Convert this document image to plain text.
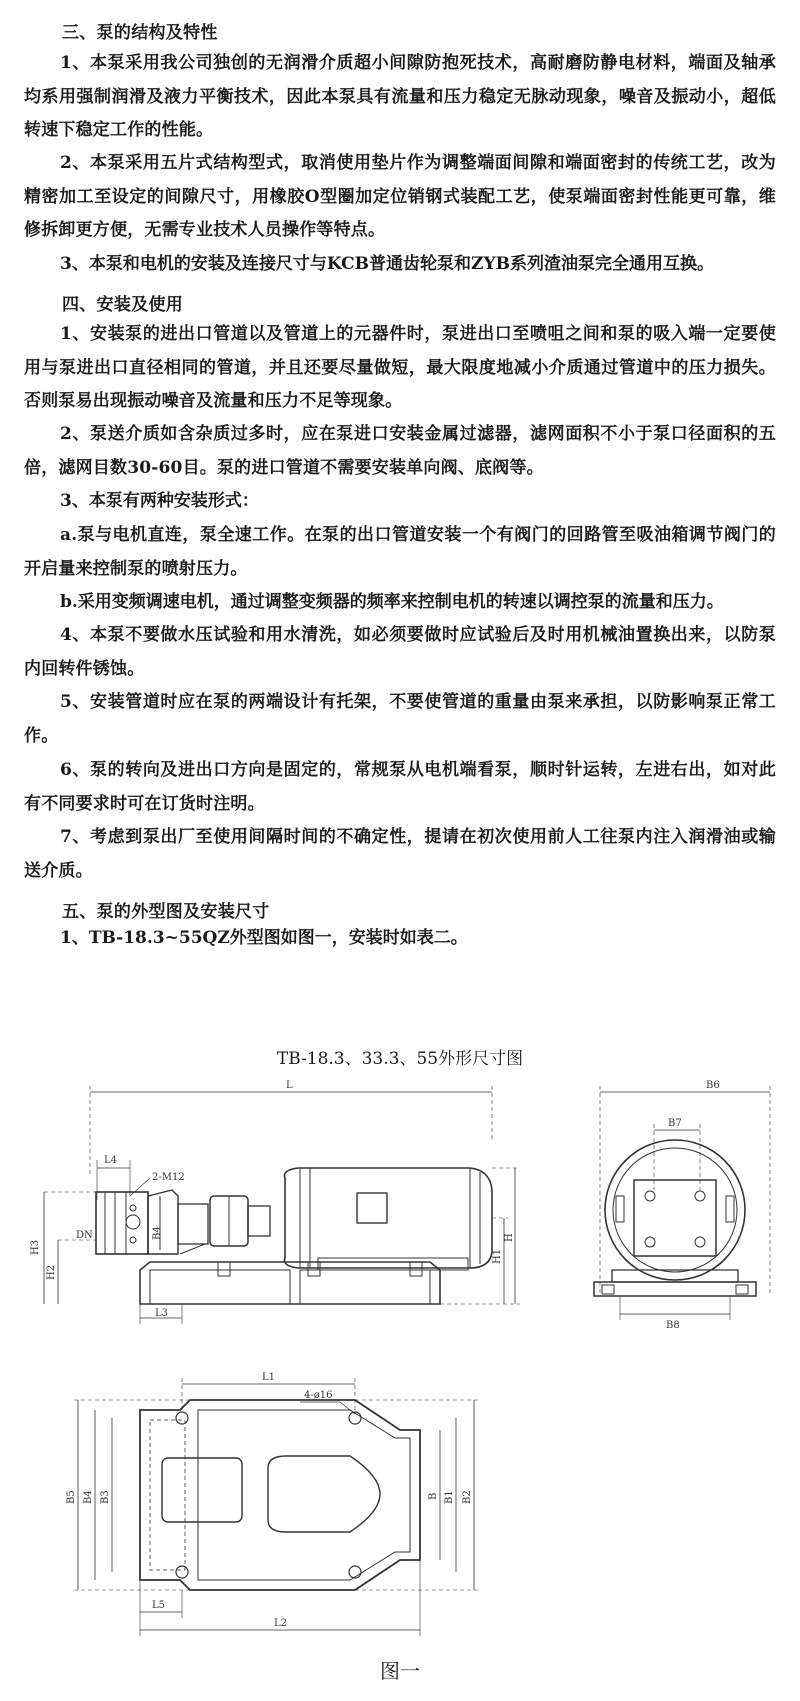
三、泵的结构及特性
1、本泵采用我公司独创的无润滑介质超小间隙防抱死技术，高耐磨防静电材料，端面及轴承均系用强制润滑及液力平衡技术，因此本泵具有流量和压力稳定无脉动现象，噪音及振动小，超低转速下稳定工作的性能。
2、本泵采用五片式结构型式，取消使用垫片作为调整端面间隙和端面密封的传统工艺，改为精密加工至设定的间隙尺寸，用橡胶O型圈加定位销钢式装配工艺，使泵端面密封性能更可靠，维修拆卸更方便，无需专业技术人员操作等特点。
3、本泵和电机的安装及连接尺寸与KCB普通齿轮泵和ZYB系列渣油泵完全通用互换。
四、安装及使用
1、安装泵的进出口管道以及管道上的元器件时，泵进出口至喷咀之间和泵的吸入端一定要使用与泵进出口直径相同的管道，并且还要尽量做短，最大限度地减小介质通过管道中的压力损失。否则泵易出现振动噪音及流量和压力不足等现象。
2、泵送介质如含杂质过多时，应在泵进口安装金属过滤器，滤网面积不小于泵口径面积的五倍，滤网目数30-60目。泵的进口管道不需要安装单向阀、底阀等。
3、本泵有两种安装形式：
a.泵与电机直连，泵全速工作。在泵的出口管道安装一个有阀门的回路管至吸油箱调节阀门的开启量来控制泵的喷射压力。
b.采用变频调速电机，通过调整变频器的频率来控制电机的转速以调控泵的流量和压力。
4、本泵不要做水压试验和用水清洗，如必须要做时应试验后及时用机械油置换出来，以防泵内回转件锈蚀。
5、安装管道时应在泵的两端设计有托架，不要使管道的重量由泵来承担，以防影响泵正常工作。
6、泵的转向及进出口方向是固定的，常规泵从电机端看泵，顺时针运转，左进右出，如对此有不同要求时可在订货时注明。
7、考虑到泵出厂至使用间隔时间的不确定性，提请在初次使用前人工往泵内注入润滑油或输送介质。
五、泵的外型图及安装尺寸
1、TB-18.3~55QZ外型图如图一，安装时如表二。
TB-18.3、33.3、55外形尺寸图
L
L4
2-M12
H3
H2
DN	B4
H1
H
L3
B6
B7
B8
L1
4-ø16
B5 B4 B3	B B1 B2
L5
L2
图一
